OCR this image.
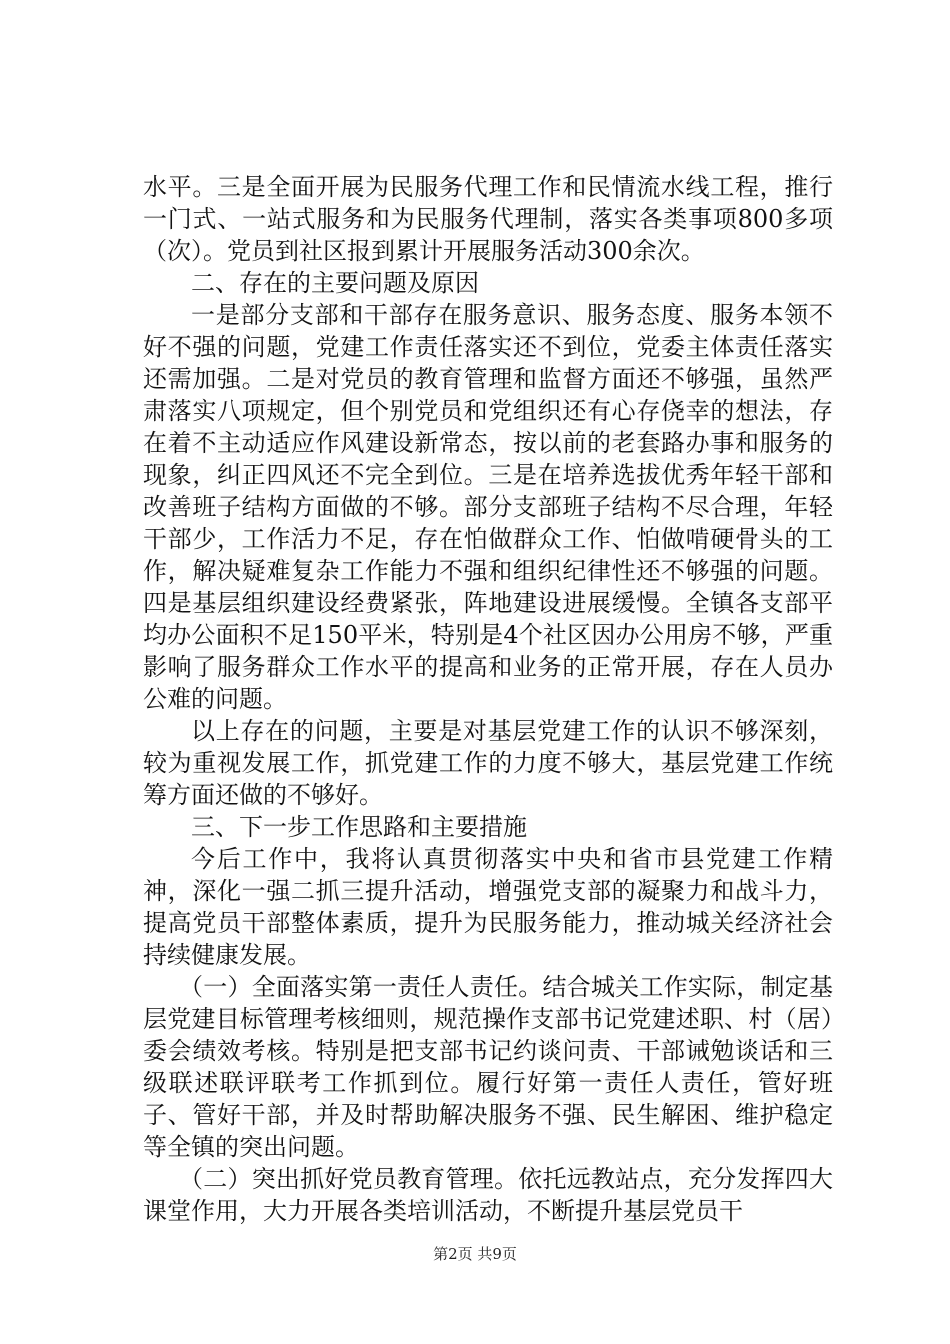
水平。三是全面开展为民服务代理工作和民情流水线工程，推行一门式、一站式服务和为民服务代理制，落实各类事项800多项（次）。党员到社区报到累计开展服务活动300余次。

二、存在的主要问题及原因

一是部分支部和干部存在服务意识、服务态度、服务本领不好不强的问题，党建工作责任落实还不到位，党委主体责任落实还需加强。二是对党员的教育管理和监督方面还不够强，虽然严肃落实八项规定，但个别党员和党组织还有心存侥幸的想法，存在着不主动适应作风建设新常态，按以前的老套路办事和服务的现象，纠正四风还不完全到位。三是在培养选拔优秀年轻干部和改善班子结构方面做的不够。部分支部班子结构不尽合理，年轻干部少，工作活力不足，存在怕做群众工作、怕做啃硬骨头的工作，解决疑难复杂工作能力不强和组织纪律性还不够强的问题。四是基层组织建设经费紧张，阵地建设进展缓慢。全镇各支部平均办公面积不足150平米，特别是4个社区因办公用房不够，严重影响了服务群众工作水平的提高和业务的正常开展，存在人员办公难的问题。

以上存在的问题，主要是对基层党建工作的认识不够深刻，较为重视发展工作，抓党建工作的力度不够大，基层党建工作统筹方面还做的不够好。

三、下一步工作思路和主要措施

今后工作中，我将认真贯彻落实中央和省市县党建工作精神，深化一强二抓三提升活动，增强党支部的凝聚力和战斗力，提高党员干部整体素质，提升为民服务能力，推动城关经济社会持续健康发展。

（一）全面落实第一责任人责任。结合城关工作实际，制定基层党建目标管理考核细则，规范操作支部书记党建述职、村（居）委会绩效考核。特别是把支部书记约谈问责、干部诫勉谈话和三级联述联评联考工作抓到位。履行好第一责任人责任，管好班子、管好干部，并及时帮助解决服务不强、民生解困、维护稳定等全镇的突出问题。

（二）突出抓好党员教育管理。依托远教站点，充分发挥四大课堂作用，大力开展各类培训活动，不断提升基层党员干

第2页 共9页
